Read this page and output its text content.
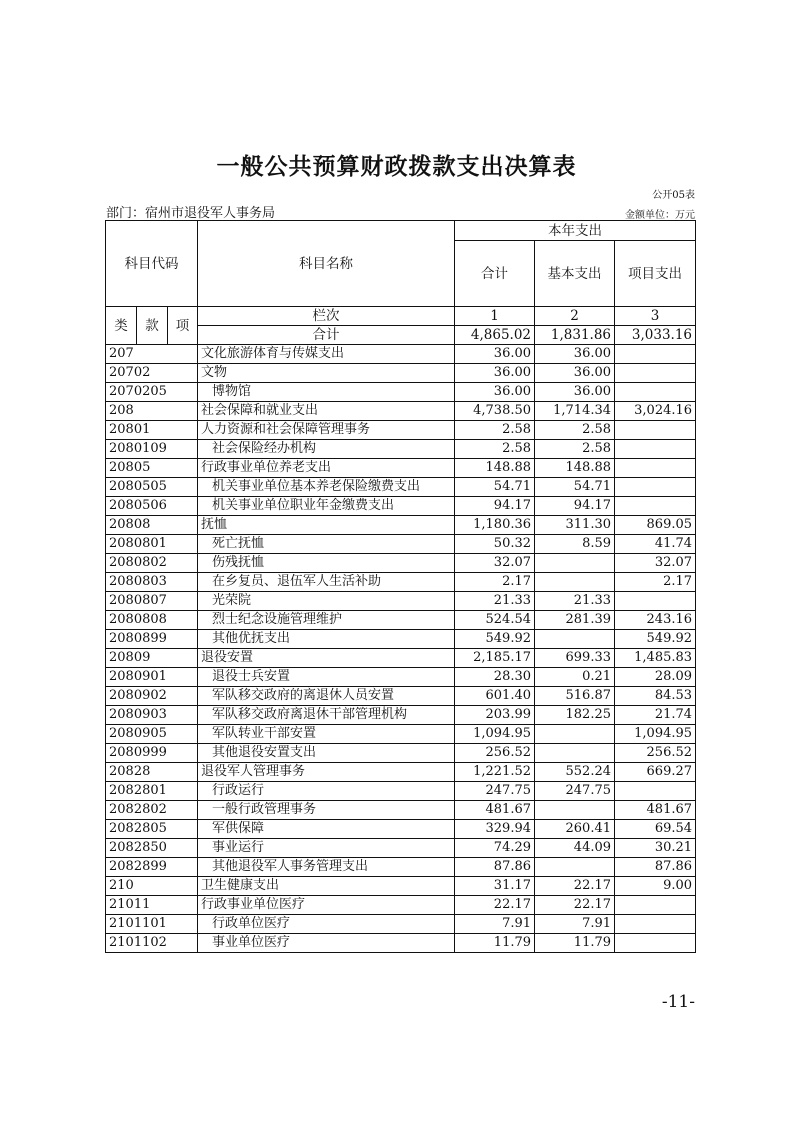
一般公共预算财政拨款支出决算表
公开05表
部门：宿州市退役军人事务局	金额单位：万元
科目代码			科目名称	本年支出		
				合计	基本支出	项目支出

类	款	项	栏次	1	2	3
			合计	4,865.02	1,831.86	3,033.16
207			文化旅游体育与传媒支出	36.00	36.00	
20702			文物	36.00	36.00	
2070205			博物馆	36.00	36.00	
208			社会保障和就业支出	4,738.50	1,714.34	3,024.16
20801			人力资源和社会保障管理事务	2.58	2.58	
2080109			社会保险经办机构	2.58	2.58	
20805			行政事业单位养老支出	148.88	148.88	
2080505			机关事业单位基本养老保险缴费支出	54.71	54.71	
2080506			机关事业单位职业年金缴费支出	94.17	94.17	
20808			抚恤	1,180.36	311.30	869.05
2080801			死亡抚恤	50.32	8.59	41.74
2080802			伤残抚恤	32.07		32.07
2080803			在乡复员、退伍军人生活补助	2.17		2.17
2080807			光荣院	21.33	21.33	
2080808			烈士纪念设施管理维护	524.54	281.39	243.16
2080899			其他优抚支出	549.92		549.92
20809			退役安置	2,185.17	699.33	1,485.83
2080901			退役士兵安置	28.30	0.21	28.09
2080902			军队移交政府的离退休人员安置	601.40	516.87	84.53
2080903			军队移交政府离退休干部管理机构	203.99	182.25	21.74
2080905			军队转业干部安置	1,094.95		1,094.95
2080999			其他退役安置支出	256.52		256.52
20828			退役军人管理事务	1,221.52	552.24	669.27
2082801			行政运行	247.75	247.75	
2082802			一般行政管理事务	481.67		481.67
2082805			军供保障	329.94	260.41	69.54
2082850			事业运行	74.29	44.09	30.21
2082899			其他退役军人事务管理支出	87.86		87.86
210			卫生健康支出	31.17	22.17	9.00
21011			行政事业单位医疗	22.17	22.17	
2101101			行政单位医疗	7.91	7.91	
2101102			事业单位医疗	11.79	11.79	
-11-
